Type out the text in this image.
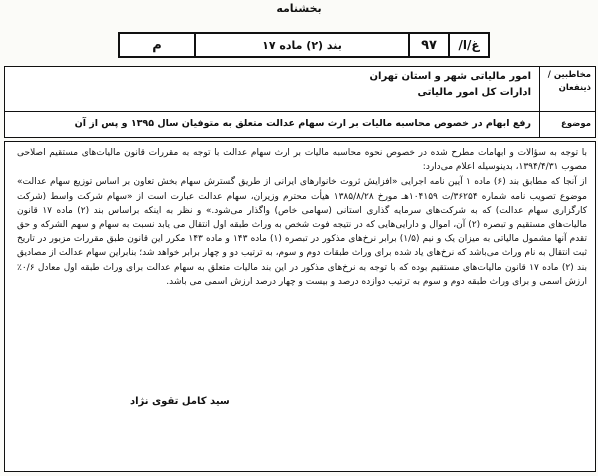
بخشنامه
غ/ا/
۹۷
بند (۲) ماده ۱۷
م
مخاطبین / ذینفعان
امور مالیاتی شهر و استان تهران
ادارات کل امور مالیاتی
موضوع
رفع ابهام در خصوص محاسبه مالیات بر ارث سهام عدالت متعلق به متوفیان سال ۱۳۹۵ و پس از آن

با توجه به سؤالات و ابهامات مطرح شده در خصوص نحوه محاسبه مالیات بر ارث سهام عدالت با توجه به مقررات قانون مالیات‌های مستقیم اصلاحی مصوب ۱۳۹۴/۴/۳۱، بدینوسیله اعلام می‌دارد:

از آنجا که مطابق بند (۶) ماده ۱ آیین نامه اجرایی «افزایش ثروت خانوارهای ایرانی از طریق گسترش سهام بخش تعاون بر اساس توزیع سهام عدالت» موضوع تصویب نامه شماره ۳۶۲۵۴/ت ۱۰۴۱۵۹هـ مورخ ۱۳۸۵/۸/۲۸ هیأت محترم وزیران، سهام عدالت عبارت است از «سهام شرکت واسط (شرکت کارگزاری سهام عدالت) که به شرکت‌های سرمایه گذاری استانی (سهامی خاص) واگذار می‌شود.» و نظر به اینکه براساس بند (۲) ماده ۱۷ قانون مالیات‌های مستقیم و تبصره (۲) آن، اموال و دارایی‌هایی که در نتیجه فوت شخص به وراث طبقه اول انتقال می یابد نسبت به سهام و سهم الشرکه و حق تقدم آنها مشمول مالیاتی به میزان یک و نیم (۱/۵) برابر نرخ‌های مذکور در تبصره (۱) ماده ۱۴۳ و ماده ۱۴۳ مکرر این قانون طبق مقررات مزبور در تاریخ ثبت انتقال به نام وراث می‌باشد که نرخ‌های یاد شده برای وراث طبقات دوم و سوم، به ترتیب دو و چهار برابر خواهد شد؛ بنابراین سهام عدالت از مصادیق بند (۲) ماده ۱۷ قانون مالیات‌های مستقیم بوده که با توجه به نرخ‌های مذکور در این بند مالیات متعلق به سهام عدالت برای وراث طبقه اول معادل ۰/۶٪ ارزش اسمی و برای وراث طبقه دوم و سوم به ترتیب دوازده درصد و بیست و چهار درصد ارزش اسمی می باشد.

سید کامل تقوی نژاد
